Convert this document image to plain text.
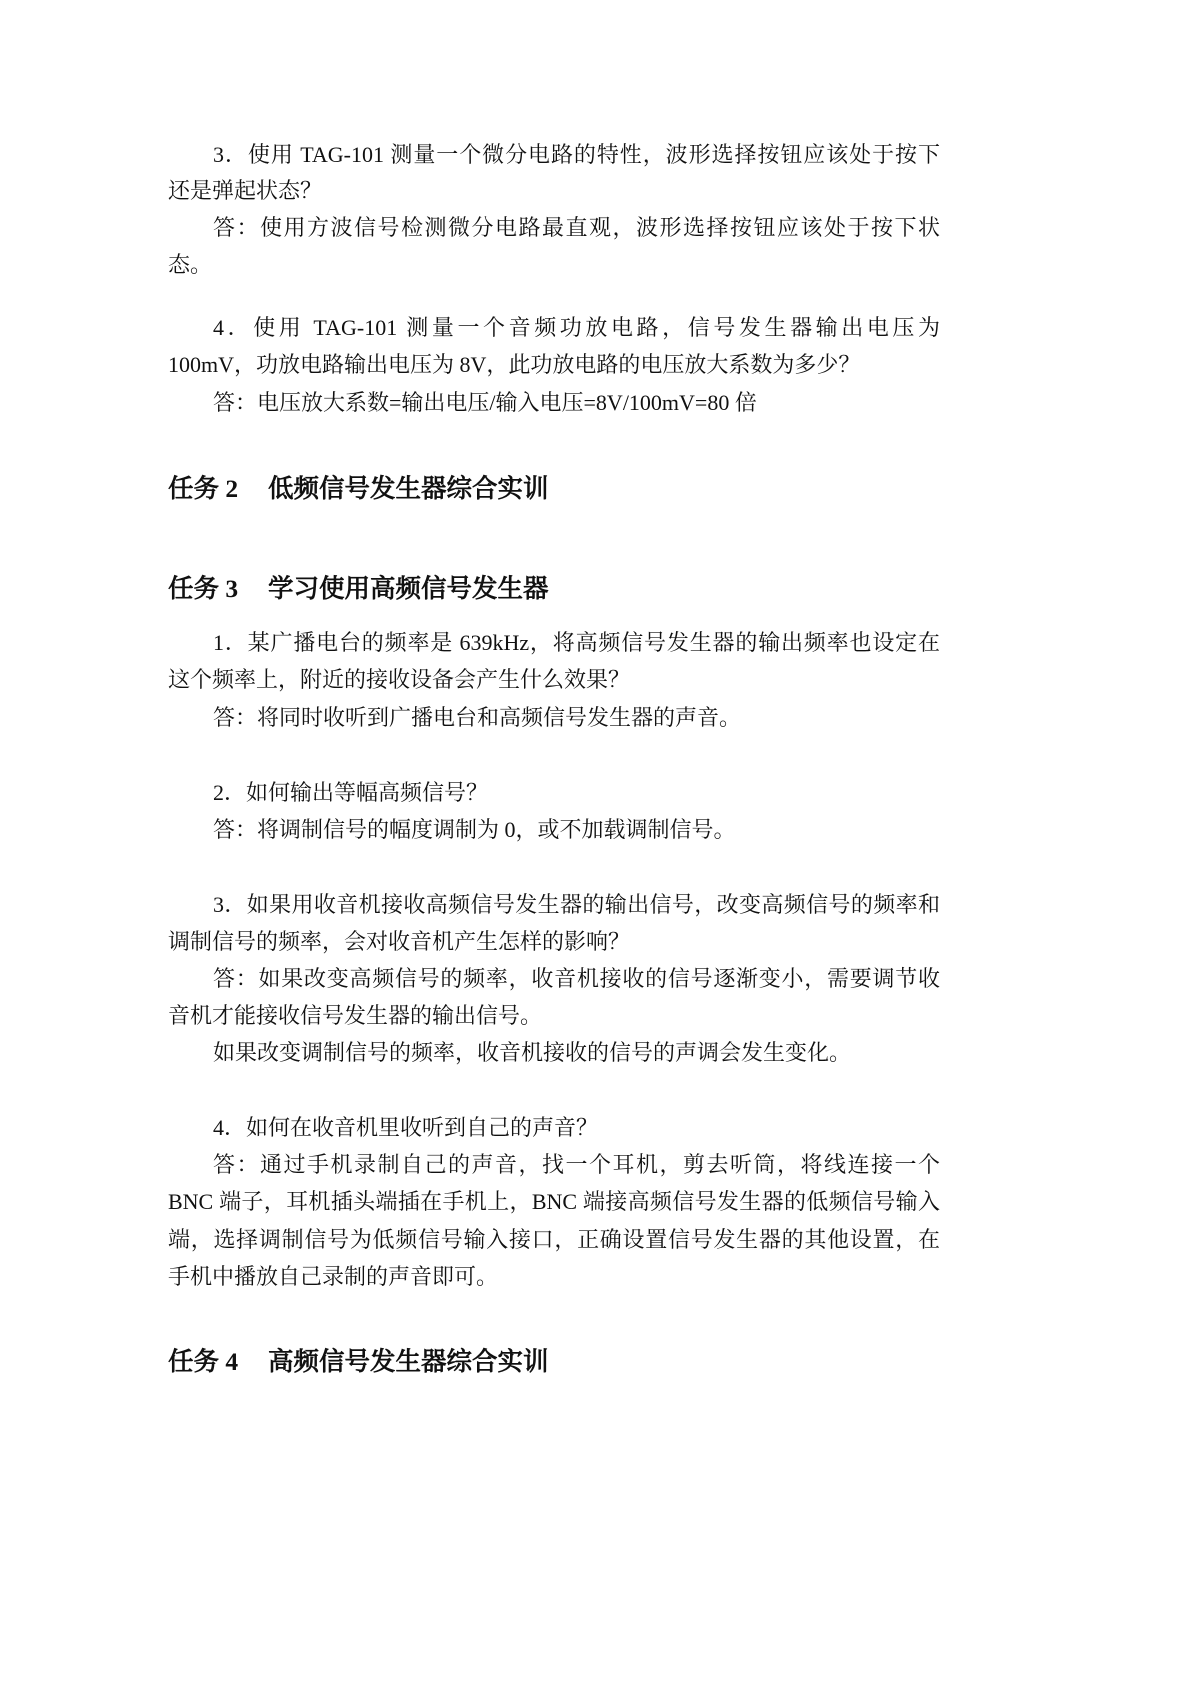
3．使用 TAG-101 测量一个微分电路的特性，波形选择按钮应该处于按下
还是弹起状态？
答：使用方波信号检测微分电路最直观，波形选择按钮应该处于按下状
态。
4．使用 TAG-101 测量一个音频功放电路，信号发生器输出电压为
100mV，功放电路输出电压为 8V，此功放电路的电压放大系数为多少？
答：电压放大系数=输出电压/输入电压=8V/100mV=80 倍
任务 2 低频信号发生器综合实训
任务 3 学习使用高频信号发生器
1．某广播电台的频率是 639kHz，将高频信号发生器的输出频率也设定在
这个频率上，附近的接收设备会产生什么效果？
答：将同时收听到广播电台和高频信号发生器的声音。
2．如何输出等幅高频信号？
答：将调制信号的幅度调制为 0，或不加载调制信号。
3．如果用收音机接收高频信号发生器的输出信号，改变高频信号的频率和
调制信号的频率，会对收音机产生怎样的影响？
答：如果改变高频信号的频率，收音机接收的信号逐渐变小，需要调节收
音机才能接收信号发生器的输出信号。
如果改变调制信号的频率，收音机接收的信号的声调会发生变化。
4．如何在收音机里收听到自己的声音？
答：通过手机录制自己的声音，找一个耳机，剪去听筒，将线连接一个
BNC 端子，耳机插头端插在手机上，BNC 端接高频信号发生器的低频信号输入
端，选择调制信号为低频信号输入接口，正确设置信号发生器的其他设置，在
手机中播放自己录制的声音即可。
任务 4 高频信号发生器综合实训
